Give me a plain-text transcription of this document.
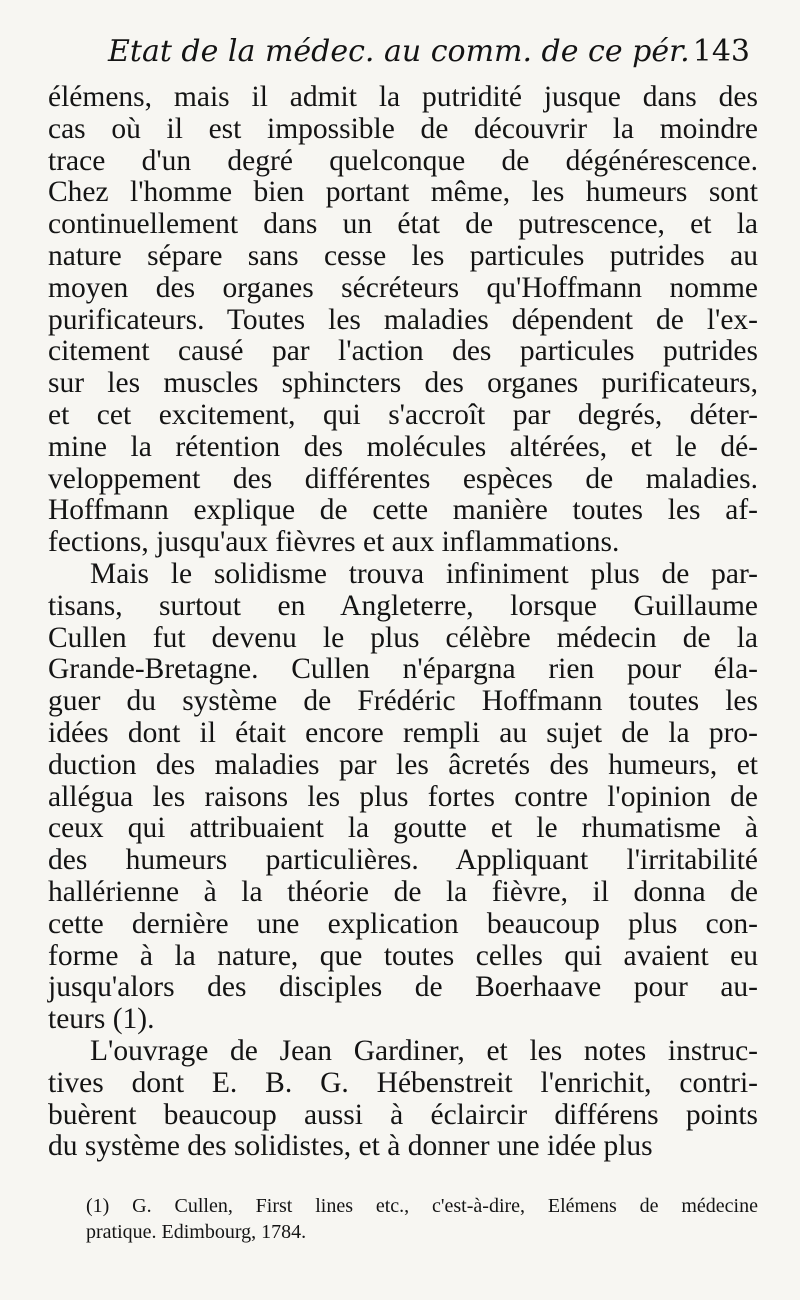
Etat de la médec. au comm. de ce pér. 143
élémens, mais il admit la putridité jusque dans des
cas où il est impossible de découvrir la moindre
trace d'un degré quelconque de dégénérescence.
Chez l'homme bien portant même, les humeurs sont
continuellement dans un état de putrescence, et la
nature sépare sans cesse les particules putrides au
moyen des organes sécréteurs qu'Hoffmann nomme
purificateurs. Toutes les maladies dépendent de l'ex-
citement causé par l'action des particules putrides
sur les muscles sphincters des organes purificateurs,
et cet excitement, qui s'accroît par degrés, déter-
mine la rétention des molécules altérées, et le dé-
veloppement des différentes espèces de maladies.
Hoffmann explique de cette manière toutes les af-
fections, jusqu'aux fièvres et aux inflammations.
Mais le solidisme trouva infiniment plus de par-
tisans, surtout en Angleterre, lorsque Guillaume
Cullen fut devenu le plus célèbre médecin de la
Grande-Bretagne. Cullen n'épargna rien pour éla-
guer du système de Frédéric Hoffmann toutes les
idées dont il était encore rempli au sujet de la pro-
duction des maladies par les âcretés des humeurs, et
allégua les raisons les plus fortes contre l'opinion de
ceux qui attribuaient la goutte et le rhumatisme à
des humeurs particulières. Appliquant l'irritabilité
hallérienne à la théorie de la fièvre, il donna de
cette dernière une explication beaucoup plus con-
forme à la nature, que toutes celles qui avaient eu
jusqu'alors des disciples de Boerhaave pour au-
teurs (1).
L'ouvrage de Jean Gardiner, et les notes instruc-
tives dont E. B. G. Hébenstreit l'enrichit, contri-
buèrent beaucoup aussi à éclaircir différens points
du système des solidistes, et à donner une idée plus
(1) G. Cullen, First lines etc., c'est-à-dire, Elémens de médecine
pratique. Edimbourg, 1784.
